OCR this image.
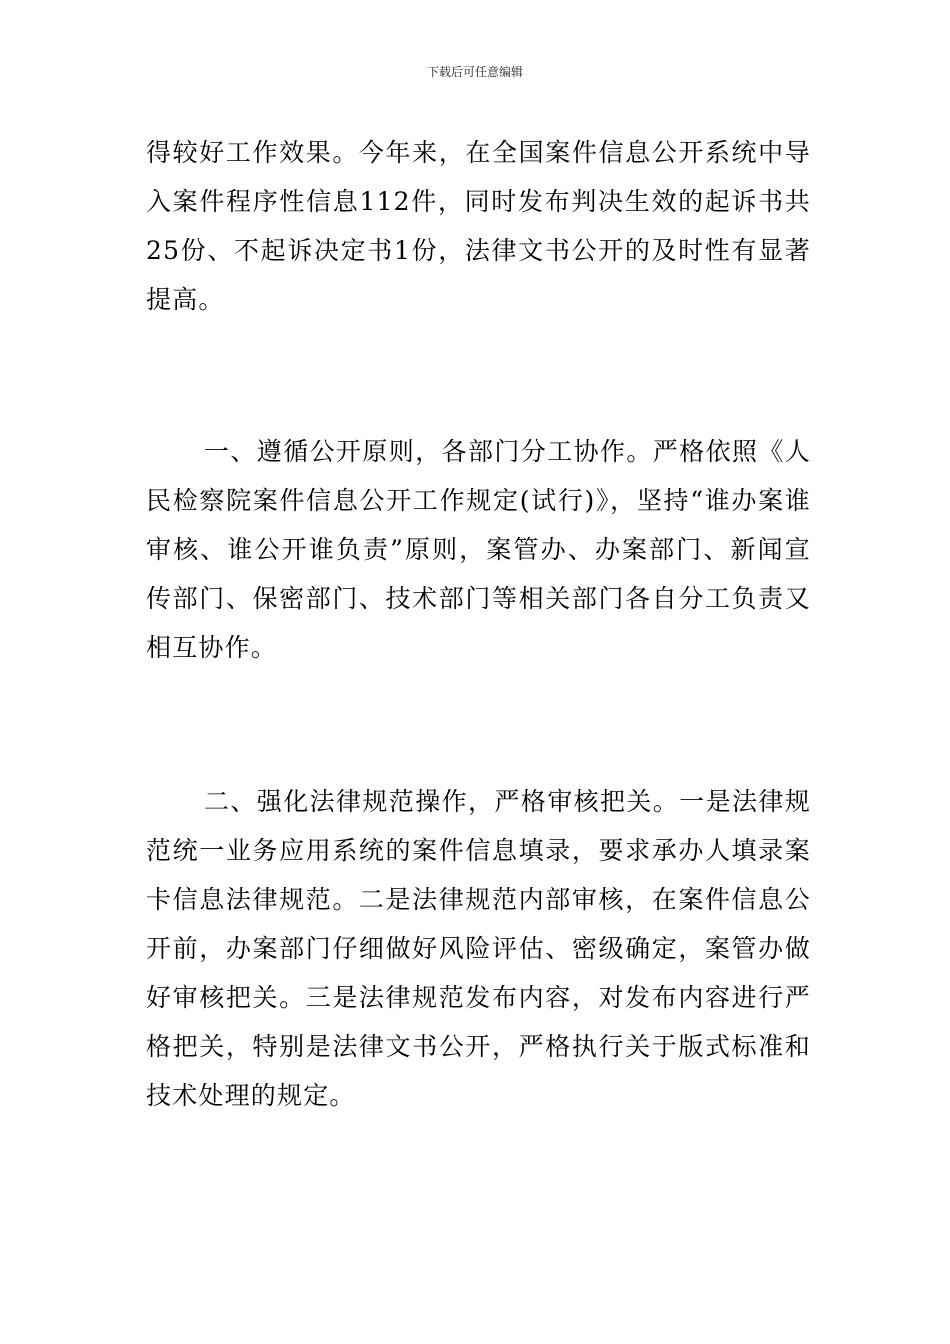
下载后可任意编辑

得较好工作效果。今年来，在全国案件信息公开系统中导入案件程序性信息112件，同时发布判决生效的起诉书共25份、不起诉决定书1份，法律文书公开的及时性有显著提高。

一、遵循公开原则，各部门分工协作。严格依照《人民检察院案件信息公开工作规定(试行)》，坚持“谁办案谁审核、谁公开谁负责”原则，案管办、办案部门、新闻宣传部门、保密部门、技术部门等相关部门各自分工负责又相互协作。

二、强化法律规范操作，严格审核把关。一是法律规范统一业务应用系统的案件信息填录，要求承办人填录案卡信息法律规范。二是法律规范内部审核，在案件信息公开前，办案部门仔细做好风险评估、密级确定，案管办做好审核把关。三是法律规范发布内容，对发布内容进行严格把关，特别是法律文书公开，严格执行关于版式标准和技术处理的规定。
